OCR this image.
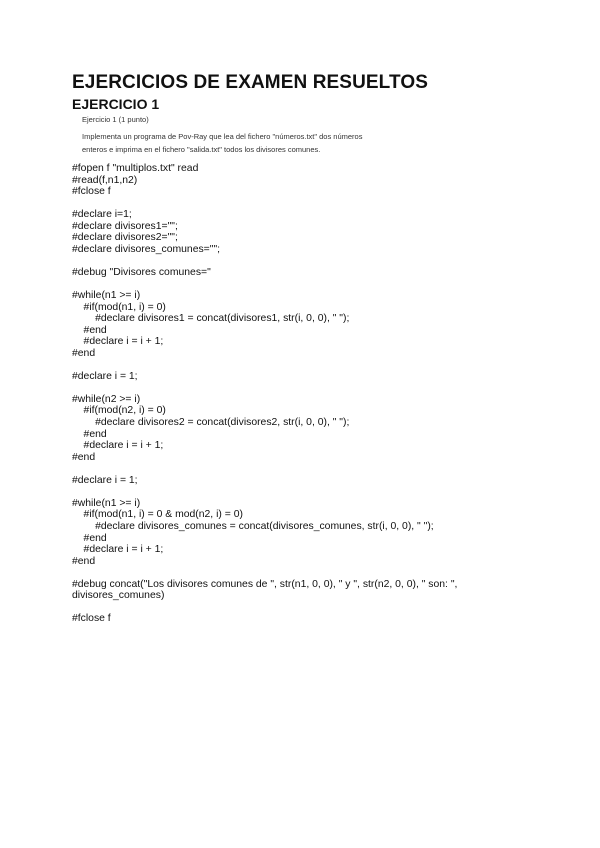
EJERCICIOS DE EXAMEN RESUELTOS
EJERCICIO 1

Ejercicio 1 (1 punto)

Implementa un programa de Pov-Ray que lea del fichero "números.txt" dos números

enteros e imprima en el fichero "salida.txt" todos los divisores comunes.

#fopen f "multiplos.txt" read
#read(f,n1,n2)
#fclose f
#declare i=1;
#declare divisores1="";
#declare divisores2="";
#declare divisores_comunes="";
#debug "Divisores comunes="
#while(n1 >= i)
#if(mod(n1, i) = 0)
#declare divisores1 = concat(divisores1, str(i, 0, 0), " ");
#end
#declare i = i + 1;
#end
#declare i = 1;
#while(n2 >= i)
#if(mod(n2, i) = 0)
#declare divisores2 = concat(divisores2, str(i, 0, 0), " ");
#end
#declare i = i + 1;
#end
#declare i = 1;
#while(n1 >= i)
#if(mod(n1, i) = 0 & mod(n2, i) = 0)
#declare divisores_comunes = concat(divisores_comunes, str(i, 0, 0), " ");
#end
#declare i = i + 1;
#end
#debug concat("Los divisores comunes de ", str(n1, 0, 0), " y ", str(n2, 0, 0), " son: ",
divisores_comunes)
#fclose f
